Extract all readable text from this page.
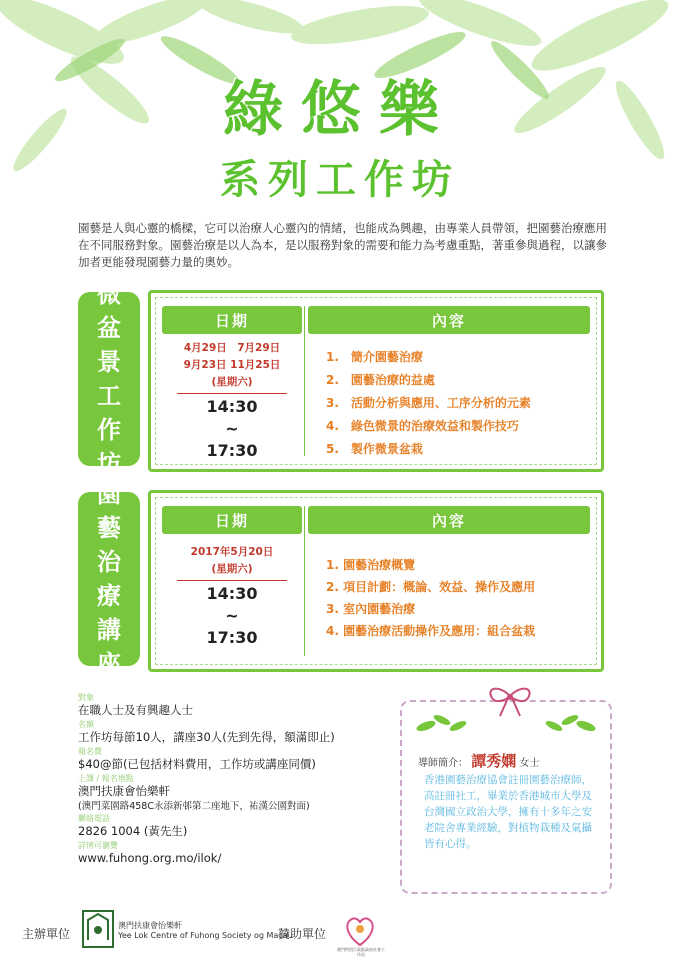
綠悠樂
系列工作坊
園藝是人與心靈的橋樑，它可以治療人心靈內的情緒，也能成為興趣，由專業人員帶領，把園藝治療應用在不同服務對象。園藝治療是以人為本，是以服務對象的需要和能力為考慮重點，著重參與過程，以讓參加者更能發現園藝力量的奧妙。
微
盆
景
工
作
坊
日期	內容
4月29日　7月29日
9月23日 11月25日
(星期六)
14:30
~
17:30
1.　簡介園藝治療
2.　園藝治療的益處
3.　活動分析與應用、工序分析的元素
4.　綠色微景的治療效益和製作技巧
5.　製作微景盆栽
園
藝
治
療
講
座
日期	內容
2017年5月20日
(星期六)
14:30
~
17:30
1. 園藝治療概覽
2. 項目計劃：概論、效益、操作及應用
3. 室內園藝治療
4. 園藝治療活動操作及應用：組合盆栽
對象
在職人士及有興趣人士
名額
工作坊每節10人，講座30人(先到先得，額滿即止)
報名費
$40@節(已包括材料費用，工作坊或講座同價)
上課 / 報名地點
澳門扶康會怡樂軒
(澳門菜園路458C永添新邨第二座地下，祐漢公園對面)
聯絡電話
2826 1004 (黃先生)
詳情可瀏覽
www.fuhong.org.mo/ilok/
導師簡介： 譚秀嫻 女士
香港園藝治療協會註冊園藝治療師，高註冊社工，畢業於香港城市大學及台灣國立政治大學，擁有十多年之安老院舍專業經驗，對植物栽種及氣攝皆有心得。
主辦單位
澳門扶康會怡樂軒
Yee Lok Centre of Fuhong Society og Macau
贊助單位
澳門特別行政區政府社會工作局
